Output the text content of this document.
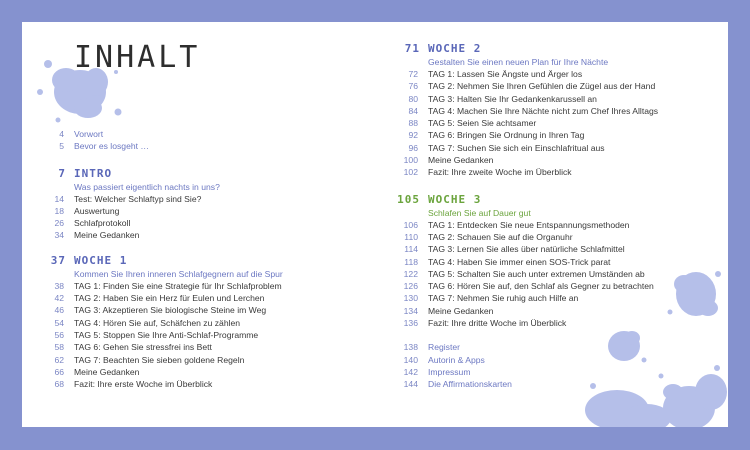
INHALT
4 Vorwort
5 Bevor es losgeht …
7 INTRO
Was passiert eigentlich nachts in uns?
14 Test: Welcher Schlaftyp sind Sie?
18 Auswertung
26 Schlafprotokoll
34 Meine Gedanken
37 WOCHE 1
Kommen Sie Ihren inneren Schlafgegnern auf die Spur
38 TAG 1: Finden Sie eine Strategie für Ihr Schlafproblem
42 TAG 2: Haben Sie ein Herz für Eulen und Lerchen
46 TAG 3: Akzeptieren Sie biologische Steine im Weg
54 TAG 4: Hören Sie auf, Schäfchen zu zählen
56 TAG 5: Stoppen Sie Ihre Anti-Schlaf-Programme
58 TAG 6: Gehen Sie stressfrei ins Bett
62 TAG 7: Beachten Sie sieben goldene Regeln
66 Meine Gedanken
68 Fazit: Ihre erste Woche im Überblick
71 WOCHE 2
Gestalten Sie einen neuen Plan für Ihre Nächte
72 TAG 1: Lassen Sie Ängste und Ärger los
76 TAG 2: Nehmen Sie Ihren Gefühlen die Zügel aus der Hand
80 TAG 3: Halten Sie Ihr Gedankenkarussell an
84 TAG 4: Machen Sie Ihre Nächte nicht zum Chef Ihres Alltags
88 TAG 5: Seien Sie achtsamer
92 TAG 6: Bringen Sie Ordnung in Ihren Tag
96 TAG 7: Suchen Sie sich ein Einschlafritual aus
100 Meine Gedanken
102 Fazit: Ihre zweite Woche im Überblick
105 WOCHE 3
Schlafen Sie auf Dauer gut
106 TAG 1: Entdecken Sie neue Entspannungsmethoden
110 TAG 2: Schauen Sie auf die Organuhr
114 TAG 3: Lernen Sie alles über natürliche Schlafmittel
118 TAG 4: Haben Sie immer einen SOS-Trick parat
122 TAG 5: Schalten Sie auch unter extremen Umständen ab
126 TAG 6: Hören Sie auf, den Schlaf als Gegner zu betrachten
130 TAG 7: Nehmen Sie ruhig auch Hilfe an
134 Meine Gedanken
136 Fazit: Ihre dritte Woche im Überblick
138 Register
140 Autorin & Apps
142 Impressum
144 Die Affirmationskarten
